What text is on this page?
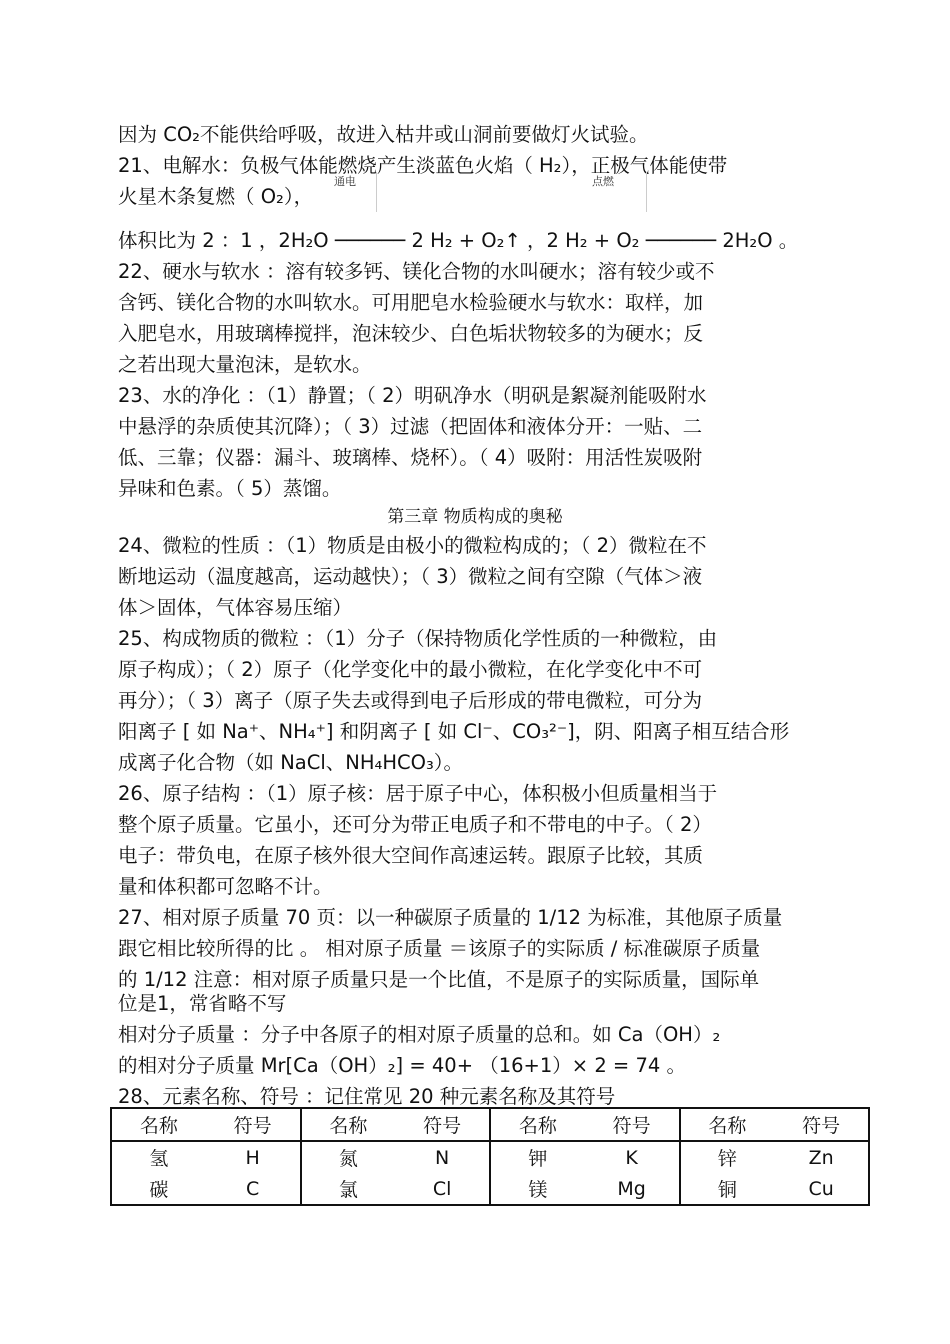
因为 CO₂不能供给呼吸，故进入枯井或山洞前要做灯火试验。
21、电解水：负极气体能燃烧产生淡蓝色火焰（ H₂），正极气体能使带
火星木条复燃（ O₂），
通电	点燃
体积比为 2 ：1 ，2H₂O ────── 2 H₂ + O₂↑ ，2 H₂ + O₂ ────── 2H₂O 。
22、硬水与软水 ：溶有较多钙、镁化合物的水叫硬水；溶有较少或不
含钙、镁化合物的水叫软水。可用肥皂水检验硬水与软水：取样，加
入肥皂水，用玻璃棒搅拌，泡沫较少、白色垢状物较多的为硬水；反
之若出现大量泡沫，是软水。
23、水的净化 ：（1）静置；（ 2）明矾净水（明矾是絮凝剂能吸附水
中悬浮的杂质使其沉降）；（ 3）过滤（把固体和液体分开：一贴、二
低、三靠；仪器：漏斗、玻璃棒、烧杯）。（ 4）吸附：用活性炭吸附
异味和色素。（ 5）蒸馏。
第三章 物质构成的奥秘
24、微粒的性质 ：（1）物质是由极小的微粒构成的；（ 2）微粒在不
断地运动（温度越高，运动越快）；（ 3）微粒之间有空隙（气体＞液
体＞固体，气体容易压缩）
25、构成物质的微粒 ：（1）分子（保持物质化学性质的一种微粒，由
原子构成）；（ 2）原子（化学变化中的最小微粒，在化学变化中不可
再分）；（ 3）离子（原子失去或得到电子后形成的带电微粒，可分为
阳离子 [ 如 Na⁺、NH₄⁺] 和阴离子 [ 如 Cl⁻、CO₃²⁻]，阴、阳离子相互结合形
成离子化合物（如 NaCl、NH₄HCO₃）。
26、原子结构 ：（1）原子核：居于原子中心，体积极小但质量相当于
整个原子质量。它虽小，还可分为带正电质子和不带电的中子。（ 2）
电子：带负电，在原子核外很大空间作高速运转。跟原子比较，其质
量和体积都可忽略不计。
27、相对原子质量 70 页：以一种碳原子质量的 1/12 为标准，其他原子质量
跟它相比较所得的比 。 相对原子质量 ＝该原子的实际质 / 标准碳原子质量
的 1/12 注意：相对原子质量只是一个比值，不是原子的实际质量，国际单
位是1，常省略不写
相对分子质量 ：分子中各原子的相对原子质量的总和。如 Ca（OH）₂
的相对分子质量 Mr[Ca（OH）₂] = 40+ （16+1）× 2 = 74 。
28、元素名称、符号 ：记住常见 20 种元素名称及其符号
名称	符号	名称	符号	名称	符号	名称	符号
氢	H	氮	N	钾	K	锌	Zn
碳	C	氯	Cl	镁	Mg	铜	Cu
